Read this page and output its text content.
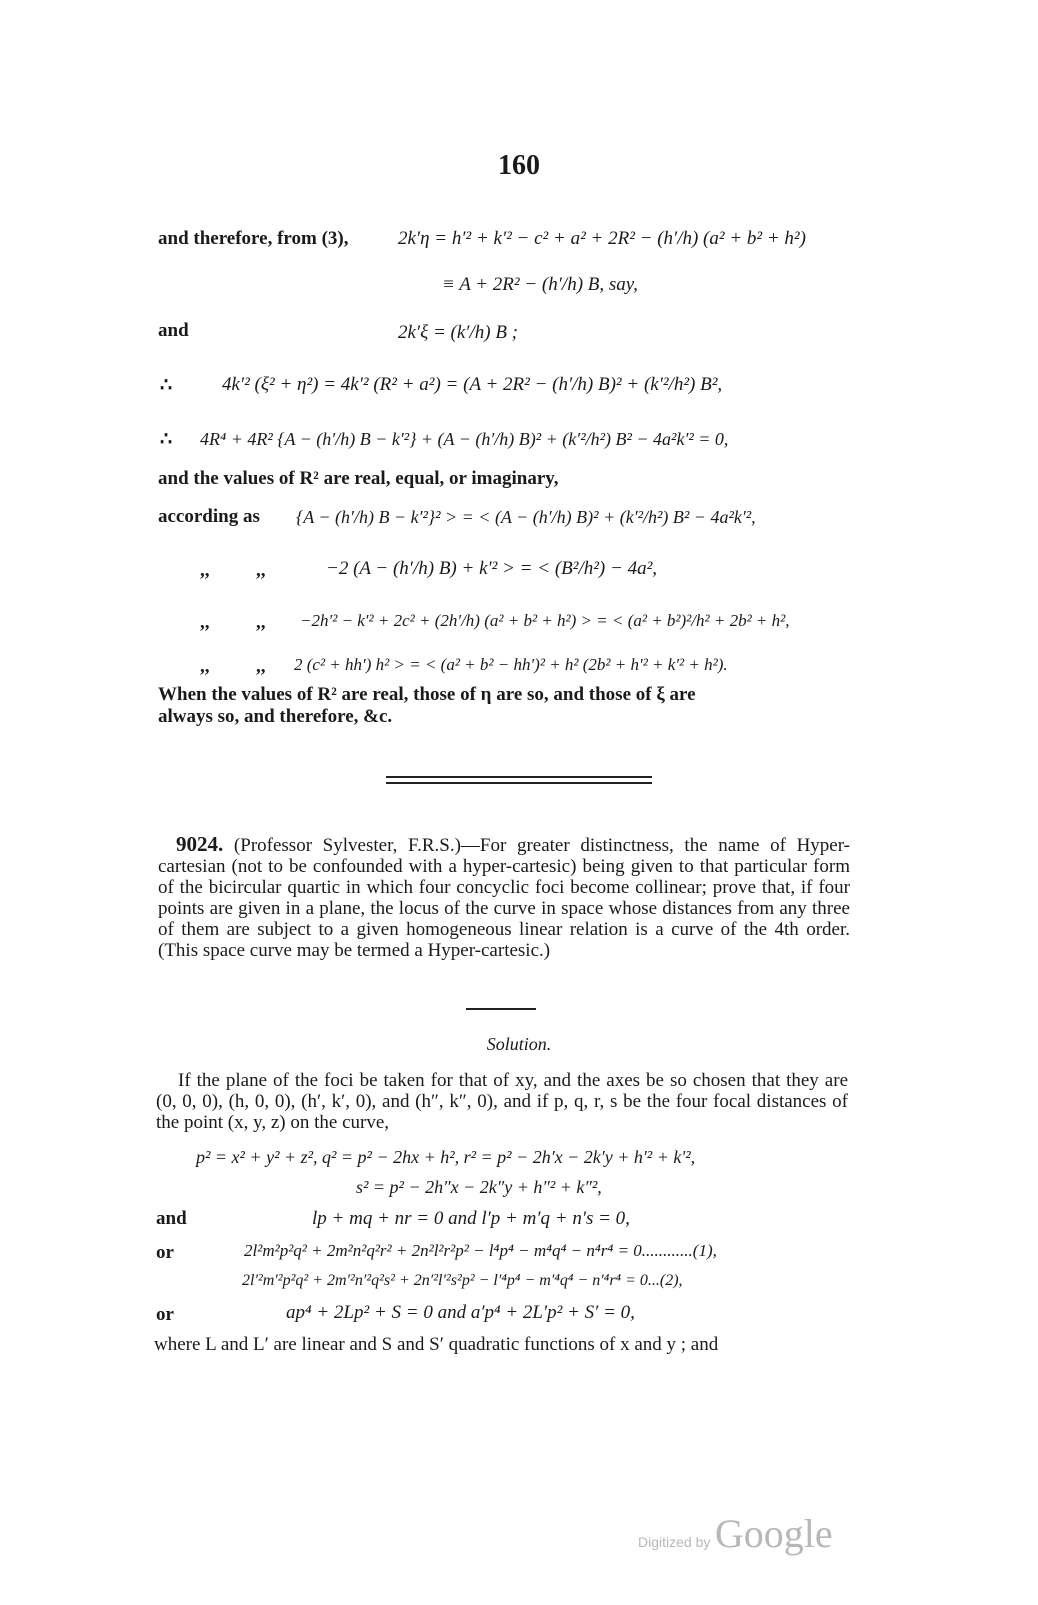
160
and therefore, from (3),	2k′η = h′² + k′² − c² + a² + 2R² − (h′/h) (a² + b² + h²)
≡ A + 2R² − (h′/h) B, say,
and	2k′ξ = (k′/h) B ;
∴	4k′² (ξ² + η²) = 4k′² (R² + a²) = (A + 2R² − (h′/h) B)² + (k′²/h²) B²,
∴ 4R⁴ + 4R² {A − (h′/h) B − k′²} + (A − (h′/h) B)² + (k′²/h²) B² − 4a²k′² = 0,
and the values of R² are real, equal, or imaginary,
according as {A − (h′/h) B − k′²}² > = < (A − (h′/h) B)² + (k′²/h²) B² − 4a²k′²,
,, ,,	−2 (A − (h′/h) B) + k′² > = < (B²/h²) − 4a²,
,, ,, −2h′² − k′² + 2c² + (2h′/h) (a² + b² + h²) > = < (a² + b²)²/h² + 2b² + h²,
,, ,, 2 (c² + hh′) h² > = < (a² + b² − hh′)² + h² (2b² + h′² + k′² + h²).
When the values of R² are real, those of η are so, and those of ξ are
always so, and therefore, &c.
9024. (Professor Sylvester, F.R.S.)—For greater distinctness, the name of Hyper-cartesian (not to be confounded with a hyper-cartesic) being given to that particular form of the bicircular quartic in which four concyclic foci become collinear; prove that, if four points are given in a plane, the locus of the curve in space whose distances from any three of them are subject to a given homogeneous linear relation is a curve of the 4th order. (This space curve may be termed a Hyper-cartesic.)
Solution.
If the plane of the foci be taken for that of xy, and the axes be so chosen that they are (0, 0, 0), (h, 0, 0), (h′, k′, 0), and (h″, k″, 0), and if p, q, r, s be the four focal distances of the point (x, y, z) on the curve,
p² = x² + y² + z², q² = p² − 2hx + h², r² = p² − 2h′x − 2k′y + h′² + k′²,
s² = p² − 2h″x − 2k″y + h″² + k″²,
and	lp + mq + nr = 0 and l′p + m′q + n′s = 0,
or	2l²m²p²q² + 2m²n²q²r² + 2n²l²r²p² − l⁴p⁴ − m⁴q⁴ − n⁴r⁴ = 0............(1),
2l′²m′²p²q² + 2m′²n′²q²s² + 2n′²l′²s²p² − l′⁴p⁴ − m′⁴q⁴ − n′⁴r⁴ = 0...(2),
or	ap⁴ + 2Lp² + S = 0 and a′p⁴ + 2L′p² + S′ = 0,
where L and L′ are linear and S and S′ quadratic functions of x and y ; and
Digitized by Google
